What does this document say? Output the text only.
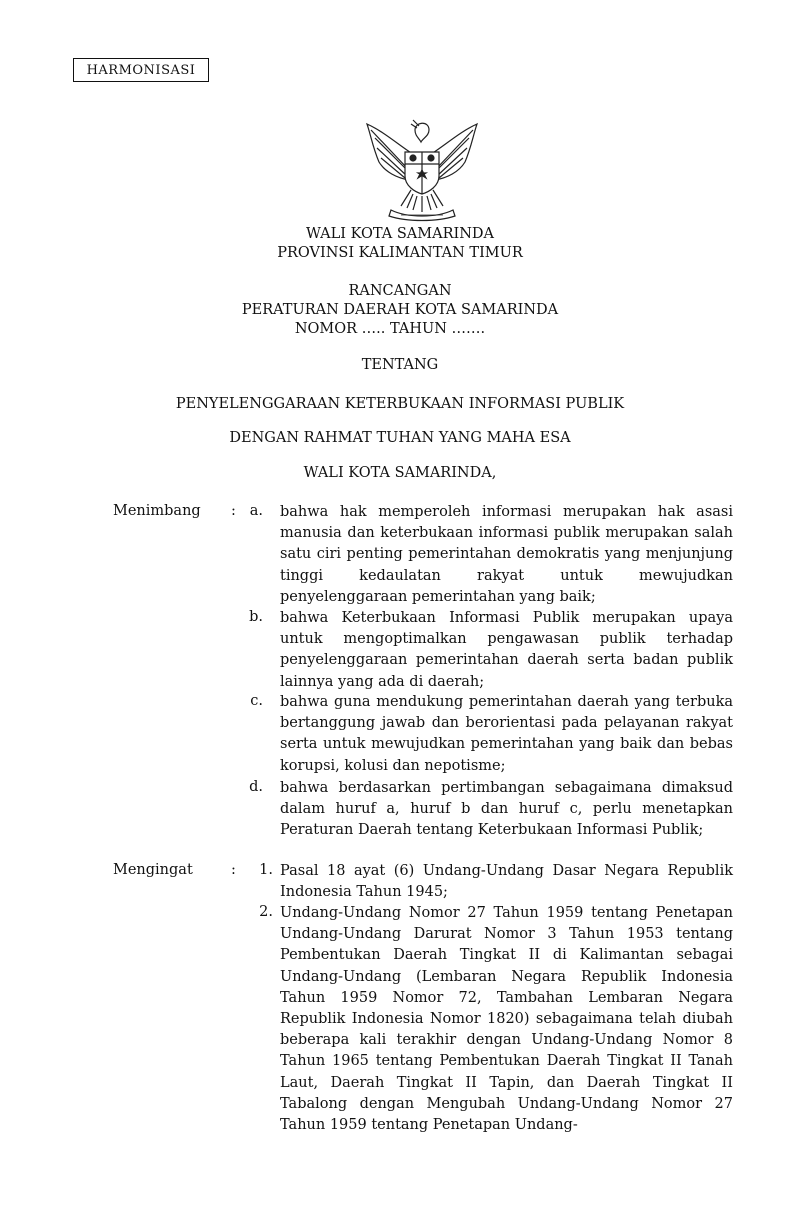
HARMONISASI
WALI KOTA SAMARINDA
PROVINSI KALIMANTAN TIMUR
RANCANGAN
PERATURAN DAERAH KOTA SAMARINDA
NOMOR ….. TAHUN …….
TENTANG
PENYELENGGARAAN KETERBUKAAN INFORMASI PUBLIK
DENGAN RAHMAT TUHAN YANG MAHA ESA
WALI KOTA SAMARINDA,
Menimbang : a. bahwa hak memperoleh informasi merupakan hak asasi manusia dan keterbukaan informasi publik merupakan salah satu ciri penting pemerintahan demokratis yang menjunjung tinggi kedaulatan rakyat untuk mewujudkan penyelenggaraan pemerintahan yang baik;
b. bahwa Keterbukaan Informasi Publik merupakan upaya untuk mengoptimalkan pengawasan publik terhadap penyelenggaraan pemerintahan daerah serta badan publik lainnya yang ada di daerah;
c. bahwa guna mendukung pemerintahan daerah yang terbuka bertanggung jawab dan berorientasi pada pelayanan rakyat serta untuk mewujudkan pemerintahan yang baik dan bebas korupsi, kolusi dan nepotisme;
d. bahwa berdasarkan pertimbangan sebagaimana dimaksud dalam huruf a, huruf b dan huruf c, perlu menetapkan Peraturan Daerah tentang Keterbukaan Informasi Publik;
Mengingat	:	1. Pasal 18 ayat (6) Undang-Undang Dasar Negara Republik Indonesia Tahun 1945;
2. Undang-Undang Nomor 27 Tahun 1959 tentang Penetapan Undang-Undang Darurat Nomor 3 Tahun 1953 tentang Pembentukan Daerah Tingkat II di Kalimantan sebagai Undang-Undang (Lembaran Negara Republik Indonesia Tahun 1959 Nomor 72, Tambahan Lembaran Negara Republik Indonesia Nomor 1820) sebagaimana telah diubah beberapa kali terakhir dengan Undang-Undang Nomor 8 Tahun 1965 tentang Pembentukan Daerah Tingkat II Tanah Laut, Daerah Tingkat II Tapin, dan Daerah Tingkat II Tabalong dengan Mengubah Undang-Undang Nomor 27 Tahun 1959 tentang Penetapan Undang-
